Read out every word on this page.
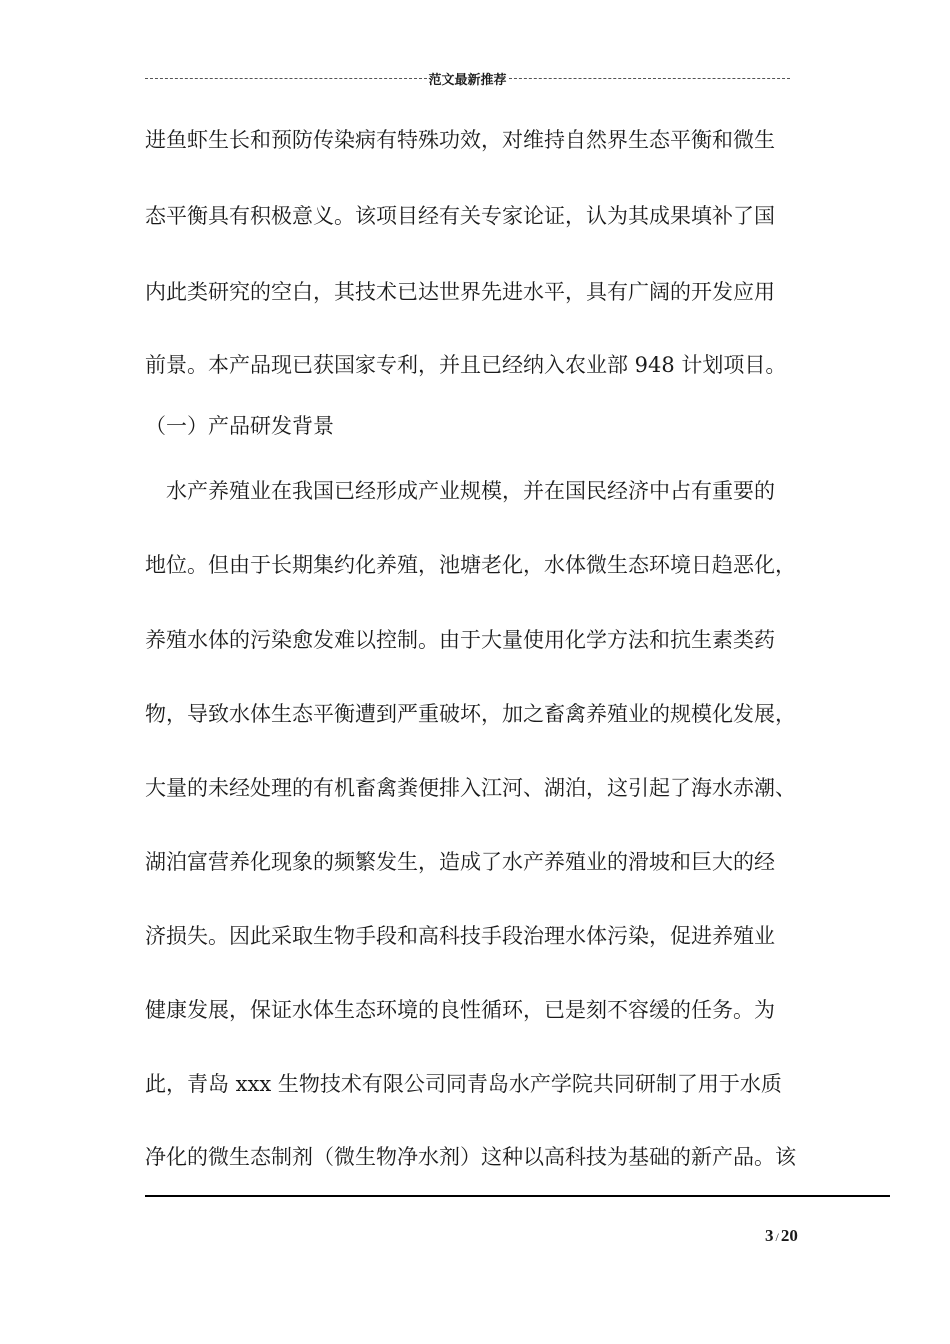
范文最新推荐
进鱼虾生长和预防传染病有特殊功效，对维持自然界生态平衡和微生
态平衡具有积极意义。该项目经有关专家论证，认为其成果填补了国
内此类研究的空白，其技术已达世界先进水平，具有广阔的开发应用
前景。本产品现已获国家专利，并且已经纳入农业部 948 计划项目。
（一）产品研发背景
水产养殖业在我国已经形成产业规模，并在国民经济中占有重要的
地位。但由于长期集约化养殖，池塘老化，水体微生态环境日趋恶化，
养殖水体的污染愈发难以控制。由于大量使用化学方法和抗生素类药
物，导致水体生态平衡遭到严重破坏，加之畜禽养殖业的规模化发展，
大量的未经处理的有机畜禽粪便排入江河、湖泊，这引起了海水赤潮、
湖泊富营养化现象的频繁发生，造成了水产养殖业的滑坡和巨大的经
济损失。因此采取生物手段和高科技手段治理水体污染，促进养殖业
健康发展，保证水体生态环境的良性循环，已是刻不容缓的任务。为
此，青岛 xxx 生物技术有限公司同青岛水产学院共同研制了用于水质
净化的微生态制剂（微生物净水剂）这种以高科技为基础的新产品。该
3 / 20
